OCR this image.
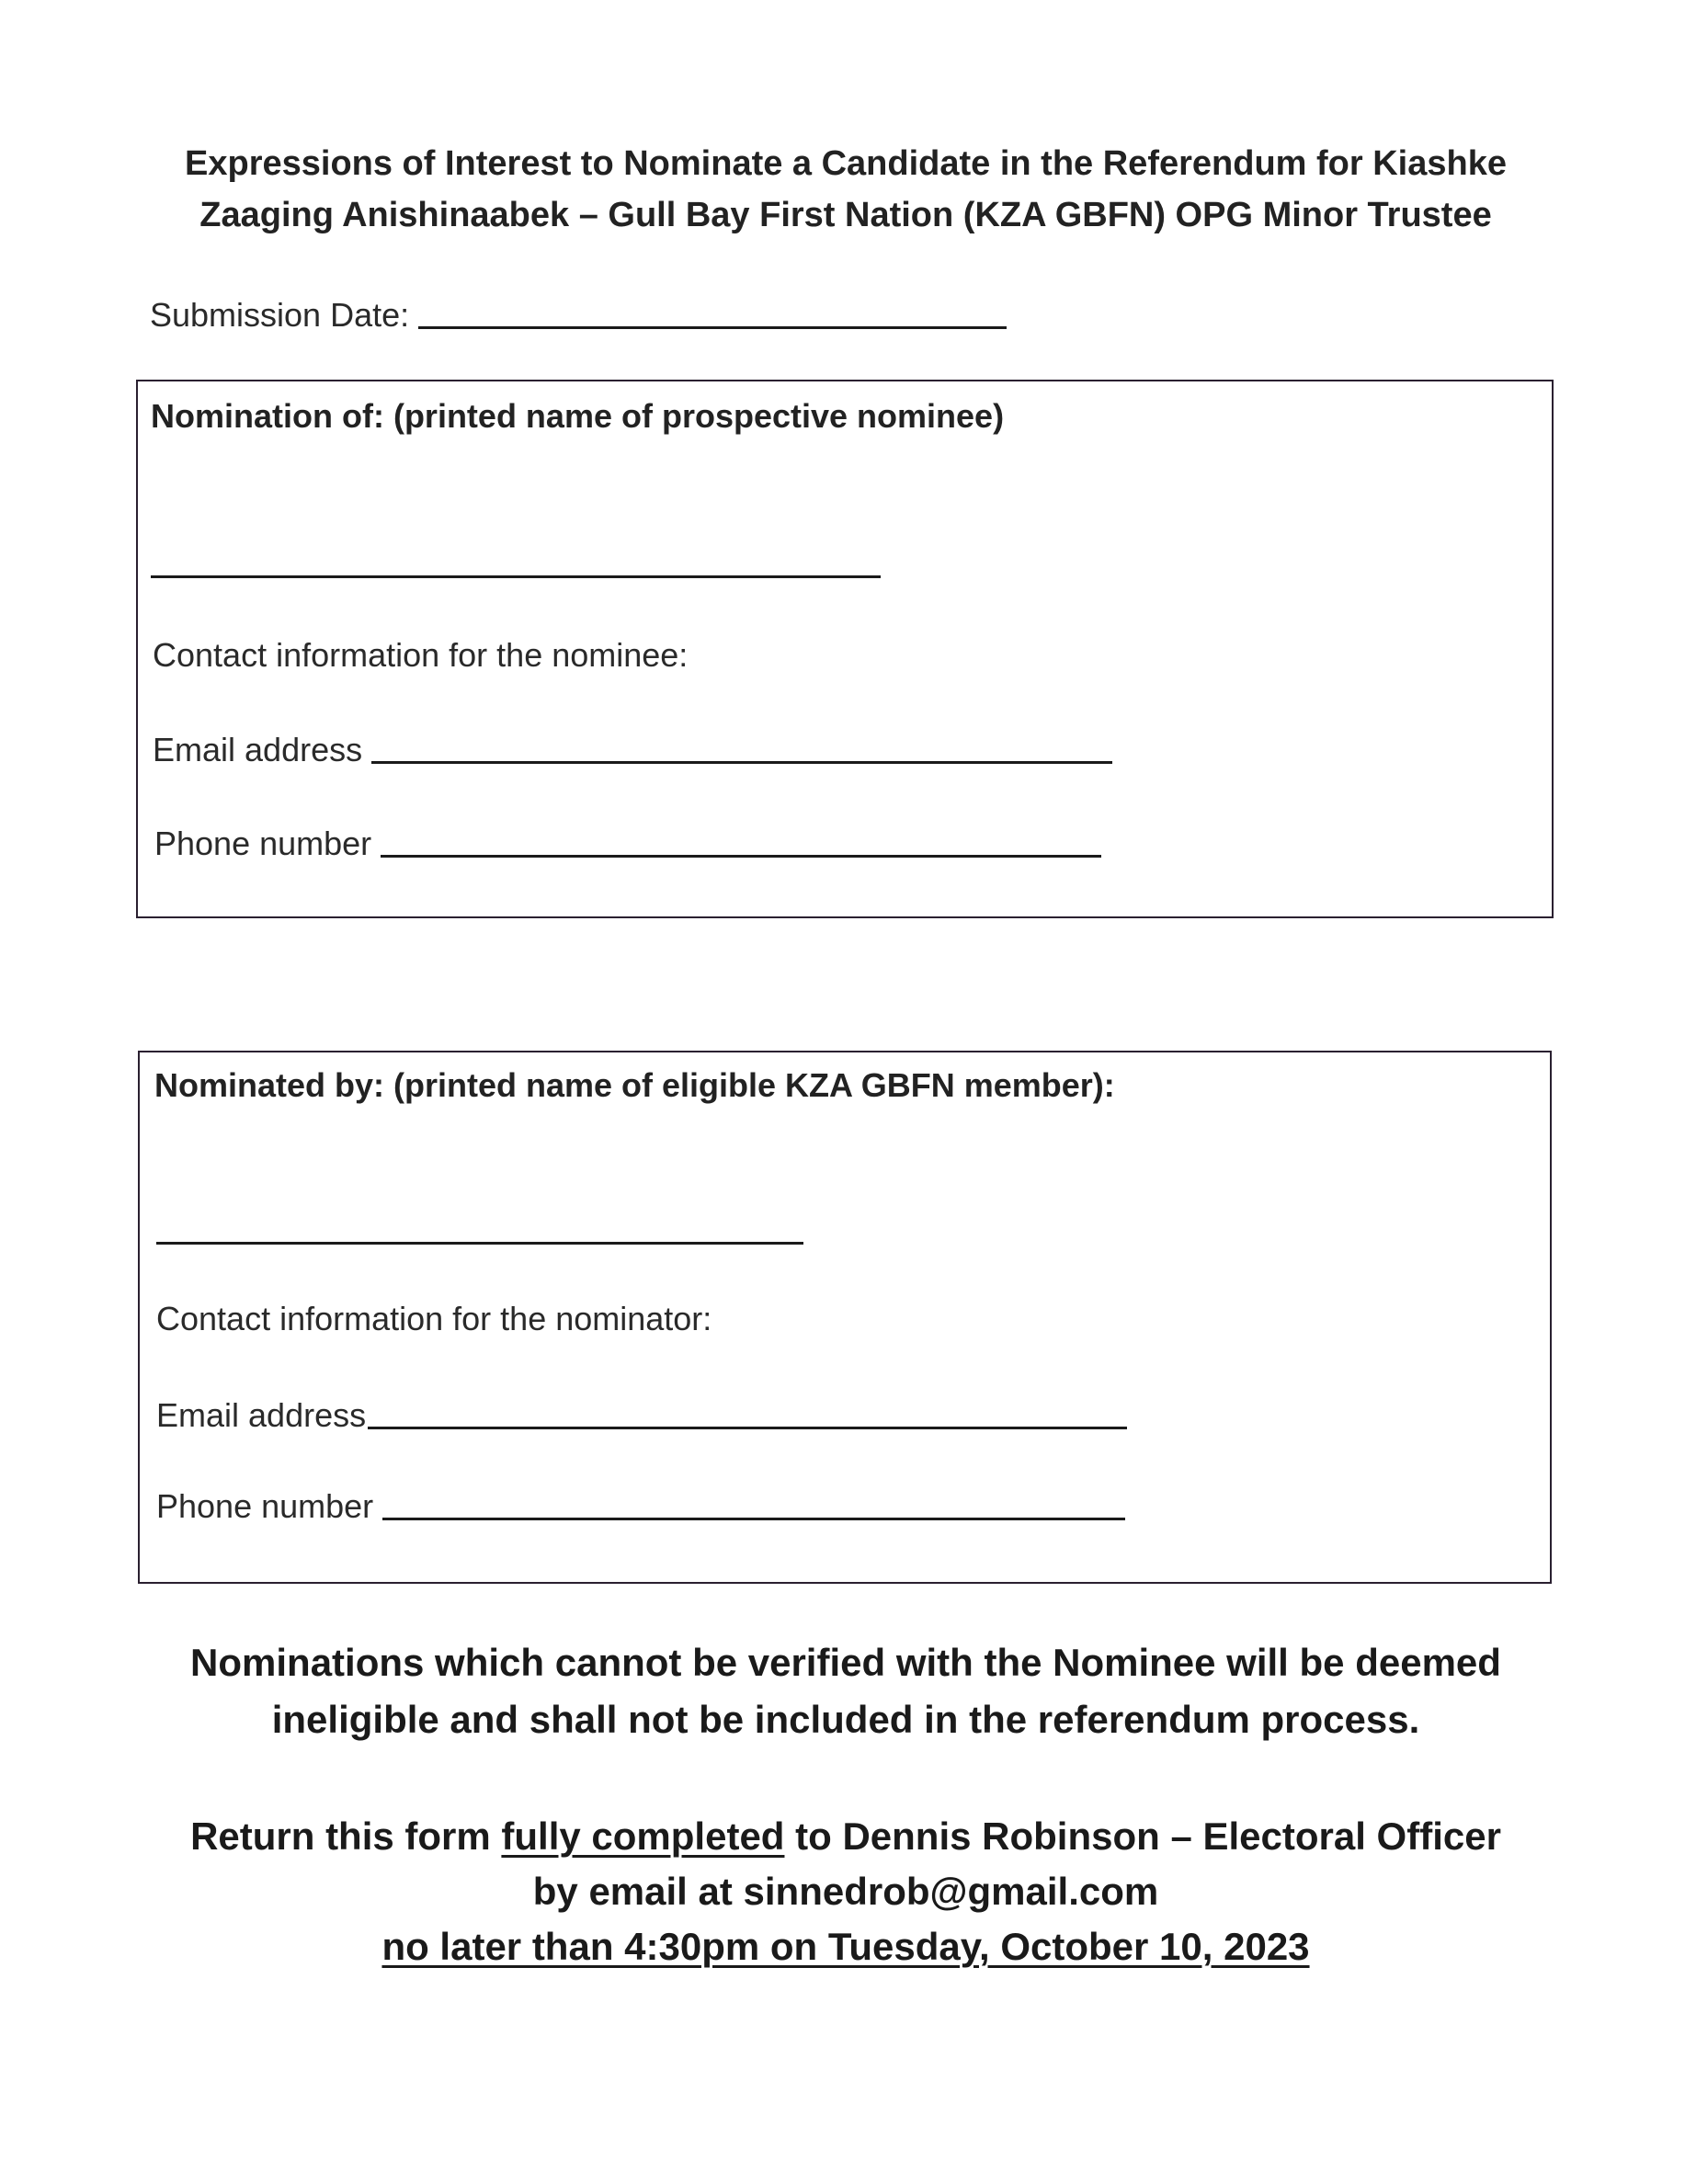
Expressions of Interest to Nominate a Candidate in the Referendum for Kiashke
Zaaging Anishinaabek – Gull Bay First Nation (KZA GBFN) OPG Minor Trustee
Submission Date:
Nomination of: (printed name of prospective nominee)
Contact information for the nominee:
Email address
Phone number
Nominated by: (printed name of eligible KZA GBFN member):
Contact information for the nominator:
Email address
Phone number
Nominations which cannot be verified with the Nominee will be deemed
ineligible and shall not be included in the referendum process.
Return this form fully completed to Dennis Robinson – Electoral Officer
by email at sinnedrob@gmail.com
no later than 4:30pm on Tuesday, October 10, 2023
